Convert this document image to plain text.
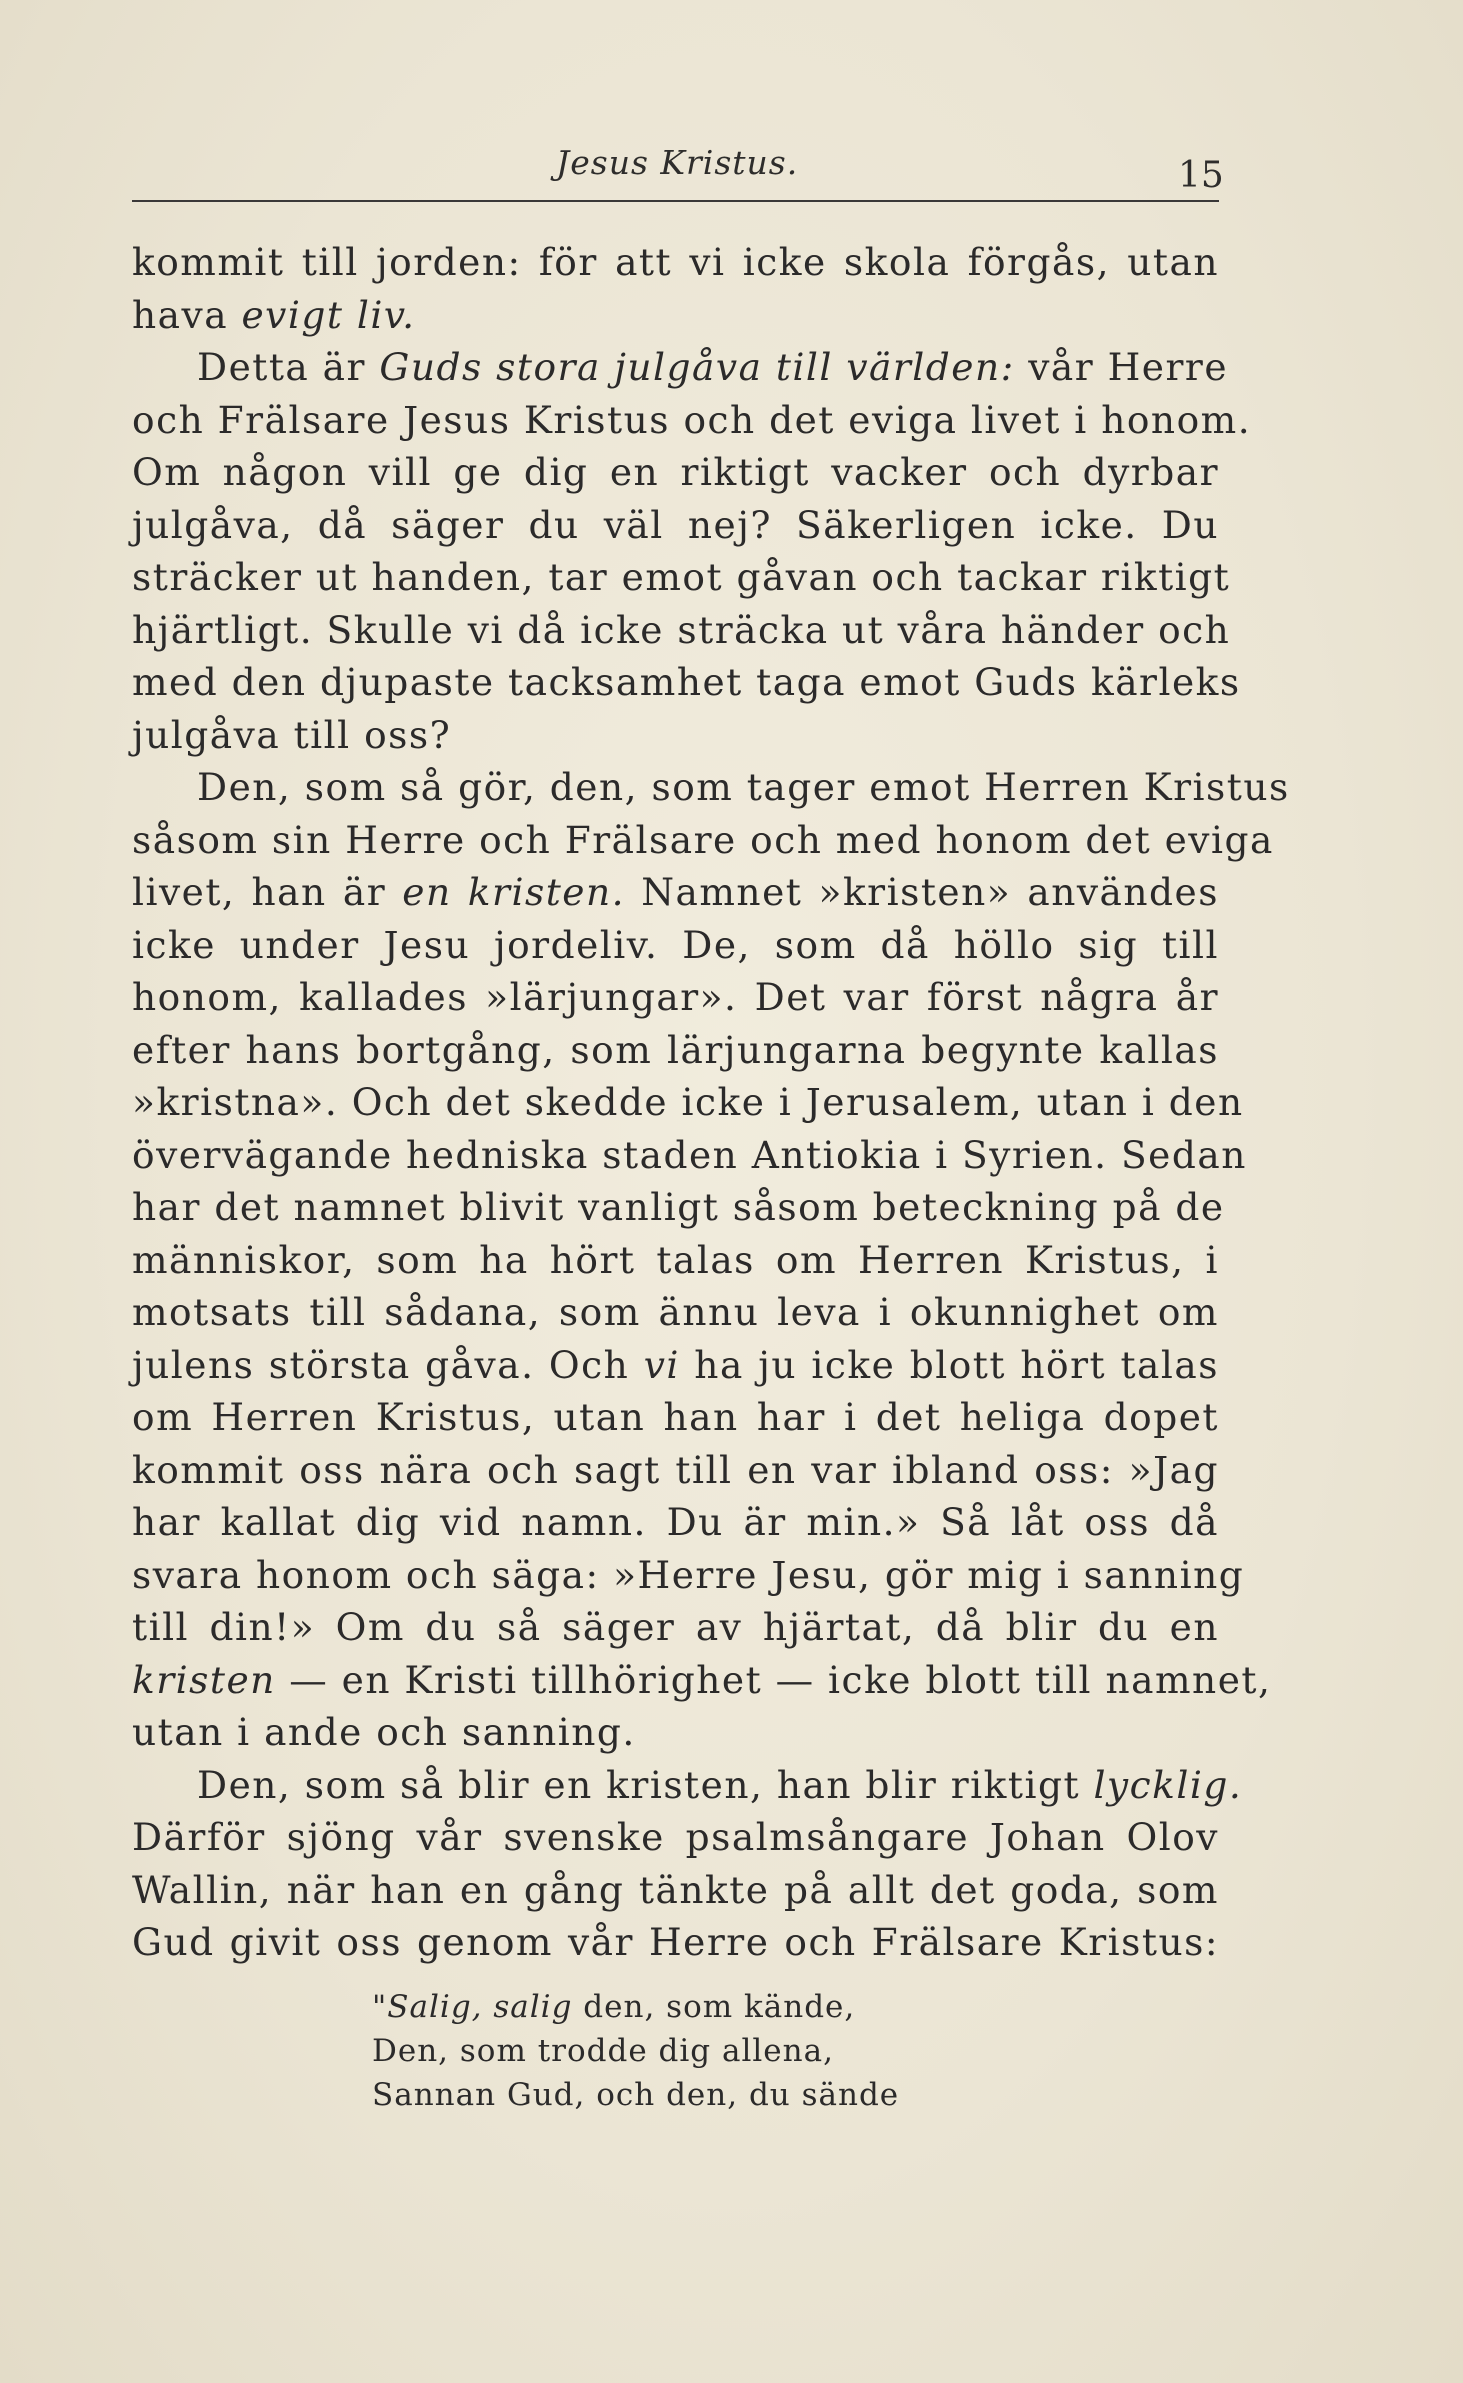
Jesus Kristus.	15
kommit till jorden: för att vi icke skola förgås, utan
hava evigt liv.
Detta är Guds stora julgåva till världen: vår Herre
och Frälsare Jesus Kristus och det eviga livet i honom.
Om någon vill ge dig en riktigt vacker och dyrbar
julgåva, då säger du väl nej? Säkerligen icke. Du
sträcker ut handen, tar emot gåvan och tackar riktigt
hjärtligt. Skulle vi då icke sträcka ut våra händer och
med den djupaste tacksamhet taga emot Guds kärleks
julgåva till oss?
Den, som så gör, den, som tager emot Herren Kristus
såsom sin Herre och Frälsare och med honom det eviga
livet, han är en kristen. Namnet »kristen» användes
icke under Jesu jordeliv. De, som då höllo sig till
honom, kallades »lärjungar». Det var först några år
efter hans bortgång, som lärjungarna begynte kallas
»kristna». Och det skedde icke i Jerusalem, utan i den
övervägande hedniska staden Antiokia i Syrien. Sedan
har det namnet blivit vanligt såsom beteckning på de
människor, som ha hört talas om Herren Kristus, i
motsats till sådana, som ännu leva i okunnighet om
julens största gåva. Och vi ha ju icke blott hört talas
om Herren Kristus, utan han har i det heliga dopet
kommit oss nära och sagt till en var ibland oss: »Jag
har kallat dig vid namn. Du är min.» Så låt oss då
svara honom och säga: »Herre Jesu, gör mig i sanning
till din!» Om du så säger av hjärtat, då blir du en
kristen — en Kristi tillhörighet — icke blott till namnet,
utan i ande och sanning.
Den, som så blir en kristen, han blir riktigt lycklig.
Därför sjöng vår svenske psalmsångare Johan Olov
Wallin, när han en gång tänkte på allt det goda, som
Gud givit oss genom vår Herre och Frälsare Kristus:
"Salig, salig den, som kände,
Den, som trodde dig allena,
Sannan Gud, och den, du sände
